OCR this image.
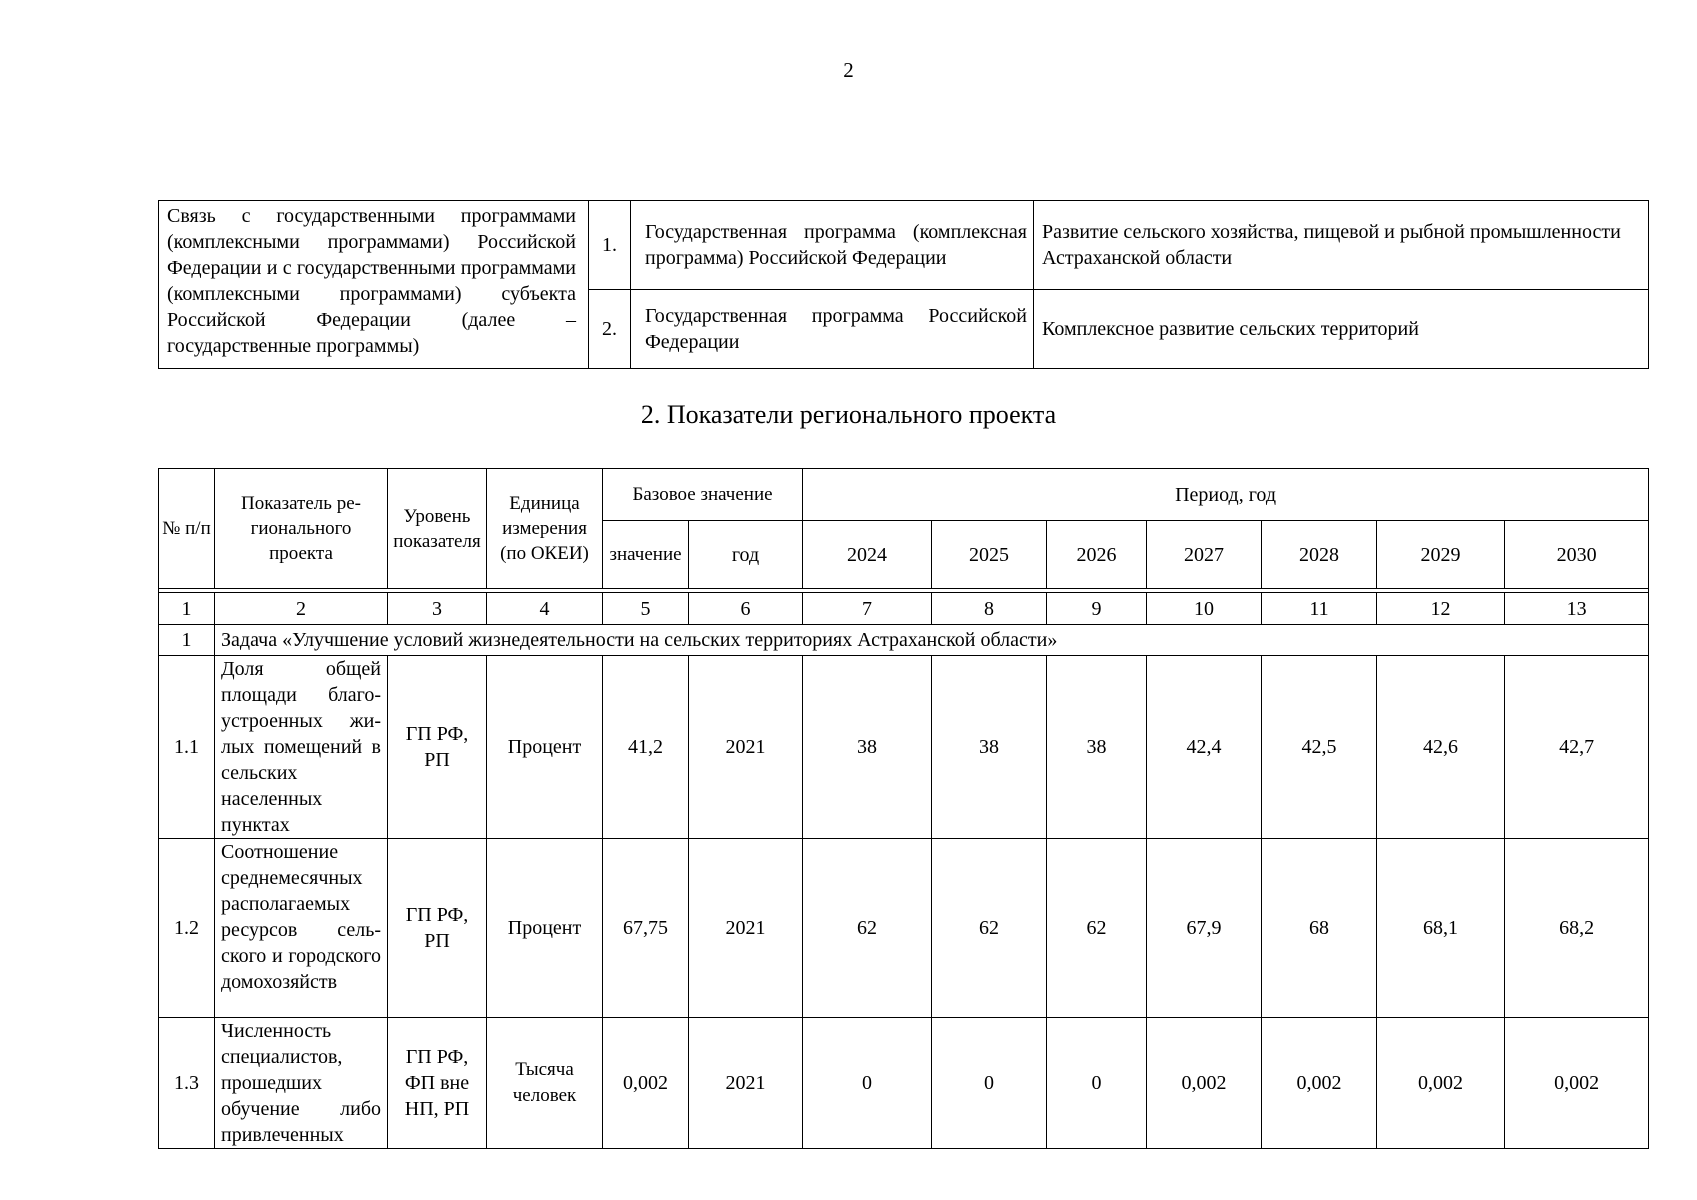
2
Связь с государственными программами (комплексными программами) Российской Федерации и с государственными программами (комплексными программами) субъекта Российской Федерации (далее – государственные программы)	1.	Государственная программа (комплексная программа) Российской Федерации	Развитие сельского хозяйства, пищевой и рыбной промышленности Астраханской области
	2.	Государственная программа Российской Федерации	Комплексное развитие сельских территорий
2. Показатели регионального проекта
№ п/п	Показатель регионального проекта	Уровень показателя	Единица измерения (по ОКЕИ)	Базовое значение		Период, год						
				значение	год	2024	2025	2026	2027	2028	2029	2030

1	2	3	4	5	6	7	8	9	10	11	12	13
1	Задача «Улучшение условий жизнедеятельности на сельских территориях Астраханской области»											
1.1	Доля общей площади благоустроенных жилых помещений в сельских населенных пунктах	ГП РФ, РП	Процент	41,2	2021	38	38	38	42,4	42,5	42,6	42,7
1.2	Соотношение среднемесячных располагаемых ресурсов сельского и городского домохозяйств	ГП РФ, РП	Процент	67,75	2021	62	62	62	67,9	68	68,1	68,2
1.3	Численность специалистов, прошедших обучение либо привлеченных	ГП РФ, ФП вне НП, РП	Тысяча человек	0,002	2021	0	0	0	0,002	0,002	0,002	0,002
